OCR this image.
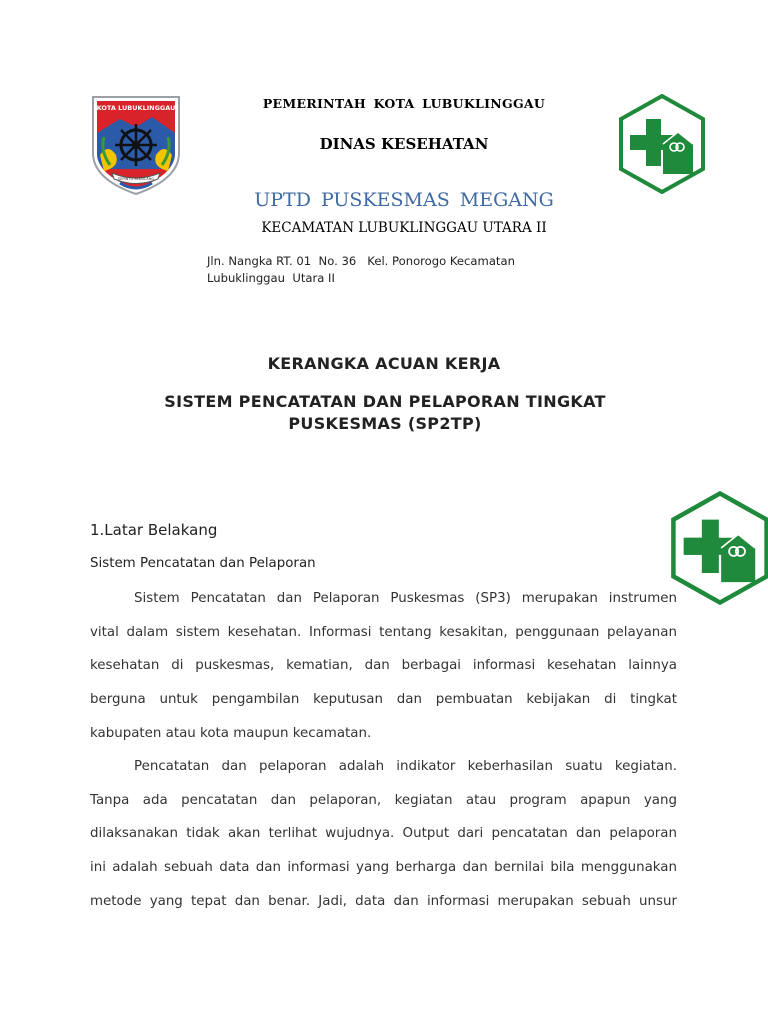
KOTA LUBUKLINGGAU
SEPINTU SEDULANG
PEMERINTAH KOTA LUBUKLINGGAU
DINAS KESEHATAN
UPTD PUSKESMAS MEGANG
KECAMATAN LUBUKLINGGAU UTARA II
Jln. Nangka RT. 01  No. 36   Kel. Ponorogo Kecamatan
Lubuklinggau  Utara II
KERANGKA ACUAN KERJA
SISTEM PENCATATAN DAN PELAPORAN TINGKAT
PUSKESMAS (SP2TP)
1.Latar Belakang
Sistem Pencatatan dan Pelaporan

Sistem Pencatatan dan Pelaporan Puskesmas (SP3) merupakan instrumen

vital dalam sistem kesehatan. Informasi tentang kesakitan, penggunaan pelayanan

kesehatan di puskesmas, kematian, dan berbagai informasi kesehatan lainnya

berguna untuk pengambilan keputusan dan pembuatan kebijakan di tingkat

kabupaten atau kota maupun kecamatan.

Pencatatan dan pelaporan adalah indikator keberhasilan suatu kegiatan.

Tanpa ada pencatatan dan pelaporan, kegiatan atau program apapun yang

dilaksanakan tidak akan terlihat wujudnya. Output dari pencatatan dan pelaporan

ini adalah sebuah data dan informasi yang berharga dan bernilai bila menggunakan

metode yang tepat dan benar. Jadi, data dan informasi merupakan sebuah unsur
